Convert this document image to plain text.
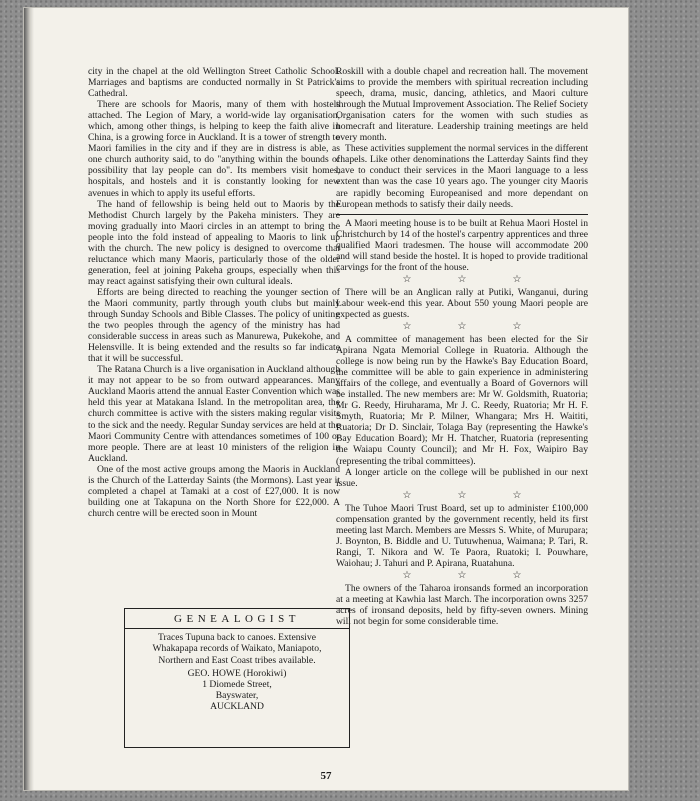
city in the chapel at the old Wellington Street Catholic School. Marriages and baptisms are conducted normally in St Patrick's Cathedral.

There are schools for Maoris, many of them with hostels attached. The Legion of Mary, a world-wide lay organisation, which, among other things, is helping to keep the faith alive in China, is a growing force in Auckland. It is a tower of strength to Maori families in the city and if they are in distress is able, as one church authority said, to do "anything within the bounds of possibility that lay people can do". Its members visit homes, hospitals, and hostels and it is constantly looking for new avenues in which to apply its useful efforts.

The hand of fellowship is being held out to Maoris by the Methodist Church largely by the Pakeha ministers. They are moving gradually into Maori circles in an attempt to bring the people into the fold instead of appealing to Maoris to link up with the church. The new policy is designed to overcome that reluctance which many Maoris, particularly those of the older generation, feel at joining Pakeha groups, especially when this may react against satisfying their own cultural ideals.

Efforts are being directed to reaching the younger section of the Maori community, partly through youth clubs but mainly through Sunday Schools and Bible Classes. The policy of uniting the two peoples through the agency of the ministry has had considerable success in areas such as Manurewa, Pukekohe, and Helensville. It is being extended and the results so far indicate that it will be successful.

The Ratana Church is a live organisation in Auckland although it may not appear to be so from outward appearances. Many Auckland Maoris attend the annual Easter Convention which was held this year at Matakana Island. In the metropolitan area, the church committee is active with the sisters making regular visits to the sick and the needy. Regular Sunday services are held at the Maori Community Centre with attendances sometimes of 100 or more people. There are at least 10 ministers of the religion in Auckland.

One of the most active groups among the Maoris in Auckland is the Church of the Latterday Saints (the Mormons). Last year it completed a chapel at Tamaki at a cost of £27,000. It is now building one at Takapuna on the North Shore for £22,000. A church centre will be erected soon in Mount

Roskill with a double chapel and recreation hall. The movement aims to provide the members with spiritual recreation including speech, drama, music, dancing, athletics, and Maori culture through the Mutual Improvement Association. The Relief Society Organisation caters for the women with such studies as homecraft and literature. Leadership training meetings are held every month.

These activities supplement the normal services in the different chapels. Like other denominations the Latterday Saints find they have to conduct their services in the Maori language to a less extent than was the case 10 years ago. The younger city Maoris are rapidly becoming Europeanised and more dependant on European methods to satisfy their daily needs.

A Maori meeting house is to be built at Rehua Maori Hostel in Christchurch by 14 of the hostel's carpentry apprentices and three qualified Maori tradesmen. The house will accommodate 200 and will stand beside the hostel. It is hoped to provide traditional carvings for the front of the house.

☆	☆	☆

There will be an Anglican rally at Putiki, Wanganui, during Labour week-end this year. About 550 young Maori people are expected as guests.

☆	☆	☆

A committee of management has been elected for the Sir Apirana Ngata Memorial College in Ruatoria. Although the college is now being run by the Hawke's Bay Education Board, the committee will be able to gain experience in administering affairs of the college, and eventually a Board of Governors will be installed. The new members are: Mr W. Goldsmith, Ruatoria; Mr G. Reedy, Hiruharama, Mr J. C. Reedy, Ruatoria; Mr H. F. Smyth, Ruatoria; Mr P. Milner, Whangara; Mrs H. Waititi, Ruatoria; Dr D. Sinclair, Tolaga Bay (representing the Hawke's Bay Education Board); Mr H. Thatcher, Ruatoria (representing the Waiapu County Council); and Mr H. Fox, Waipiro Bay (representing the tribal committees).

A longer article on the college will be published in our next issue.

☆	☆	☆

The Tuhoe Maori Trust Board, set up to administer £100,000 compensation granted by the government recently, held its first meeting last March. Members are Messrs S. White, of Murupara; J. Boynton, B. Biddle and U. Tutuwhenua, Waimana; P. Tari, R. Rangi, T. Nikora and W. Te Paora, Ruatoki; I. Pouwhare, Waiohau; J. Tahuri and P. Apirana, Ruatahuna.

☆	☆	☆

The owners of the Taharoa ironsands formed an incorporation at a meeting at Kawhia last March. The incorporation owns 3257 acres of ironsand deposits, held by fifty-seven owners. Mining will not begin for some considerable time.

GENEALOGIST

Traces Tupuna back to canoes. Extensive

Whakapapa records of Waikato, Maniapoto,

Northern and East Coast tribes available.

GEO. HOWE (Horokiwi)

1 Diomede Street,

Bayswater,

AUCKLAND

57
